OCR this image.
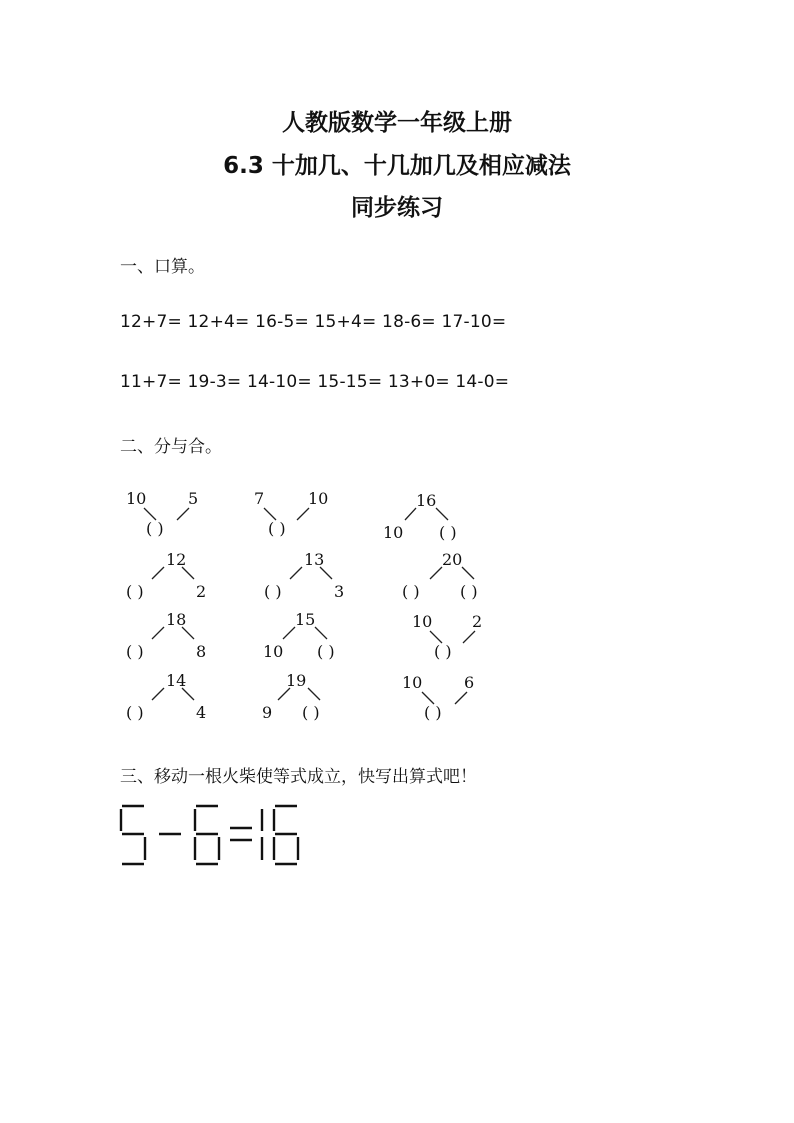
人教版数学一年级上册
6.3 十加几、十几加几及相应减法
同步练习
一、口算。
12+7= 12+4= 16-5= 15+4= 18-6= 17-10=
11+7= 19-3= 14-10= 15-15= 13+0= 14-0=
二、分与合。
10	5
( )
7	10
( )
16
10 ( )
12
( )	2
13
( )	3
20
( )	( )
18
( )	8
15
10 ( )
10 2
( )
14
( )	4
19
9 ( )
10	6
( )
三、移动一根火柴使等式成立，快写出算式吧！
